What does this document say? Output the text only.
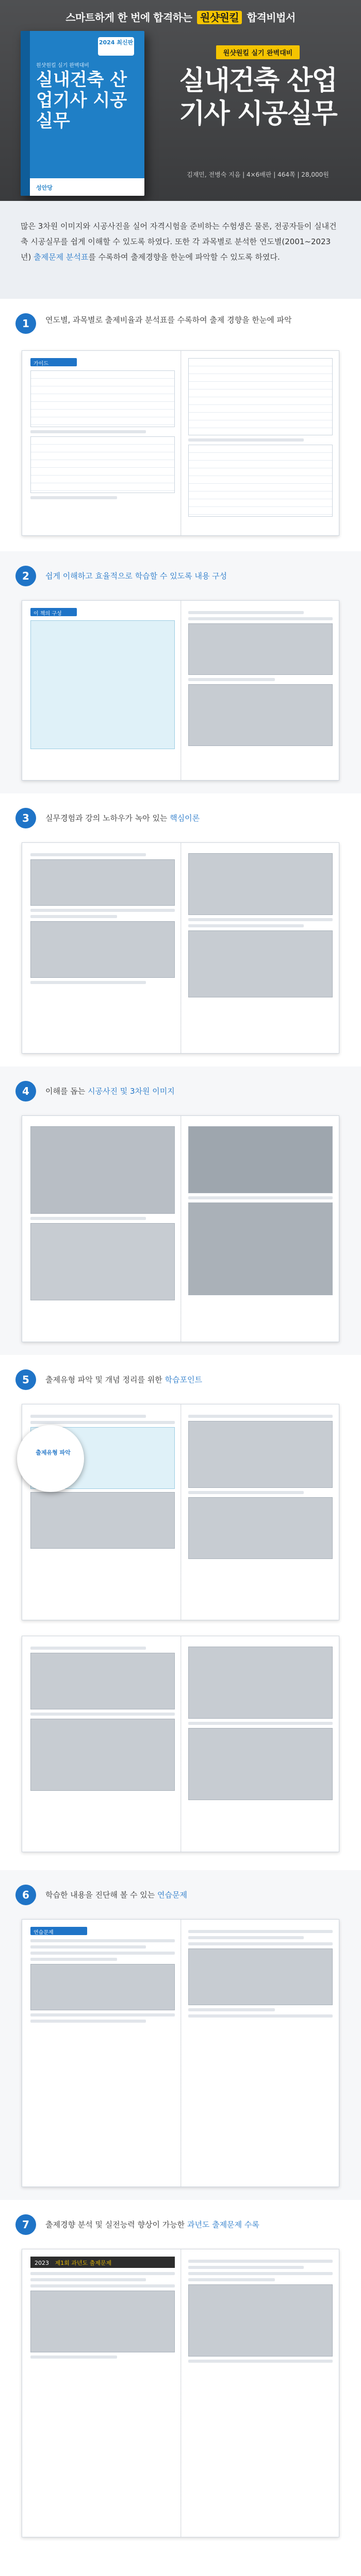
스마트하게 한 번에 합격하는 원샷원킬 합격비법서
2024 최신판
원샷원킬 실기 완벽대비
실내건축 산업기사 시공실무
성안당
원샷원킬 실기 완벽대비
실내건축 산업기사 시공실무
김재민, 전병숙 지음 | 4×6배판 | 464쪽 | 28,000원

많은 3차원 이미지와 시공사진을 실어 자격시험을 준비하는 수험생은 물론, 전공자들이 실내건축 시공실무를 쉽게 이해할 수 있도록 하였다. 또한 각 과목별로 분석한 연도별(2001~2023년) 출제문제 분석표를 수록하여 출제경향을 한눈에 파악할 수 있도록 하였다.

1	연도별, 과목별로 출제비율과 분석표를 수록하여 출제 경향을 한눈에 파악
가이드
2	쉽게 이해하고 효율적으로 학습할 수 있도록 내용 구성
이 책의 구성
3	실무경험과 강의 노하우가 녹아 있는 핵심이론
4	이해를 돕는 시공사진 및 3차원 이미지
5	출제유형 파악 및 개념 정리를 위한 학습포인트
출제유형 파악
6	학습한 내용을 진단해 볼 수 있는 연습문제
연습문제
7	출제경향 분석 및 실전능력 향상이 가능한 과년도 출제문제 수록
2023 제1회 과년도 출제문제
